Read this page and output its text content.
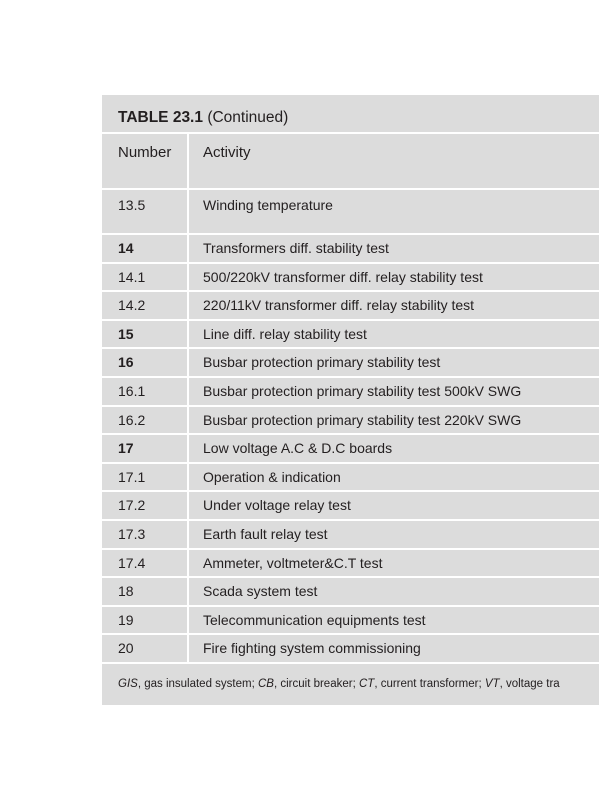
TABLE 23.1 (Continued)
Number Activity
13.5	Winding temperature
14	Transformers diff. stability test
14.1	500/220kV transformer diff. relay stability test
14.2	220/11kV transformer diff. relay stability test
15	Line diff. relay stability test
16	Busbar protection primary stability test
16.1	Busbar protection primary stability test 500kV SWG
16.2	Busbar protection primary stability test 220kV SWG
17	Low voltage A.C & D.C boards
17.1	Operation & indication
17.2	Under voltage relay test
17.3	Earth fault relay test
17.4	Ammeter, voltmeter&C.T test
18	Scada system test
19	Telecommunication equipments test
20	Fire fighting system commissioning
GIS, gas insulated system; CB, circuit breaker; CT, current transformer; VT, voltage tra
